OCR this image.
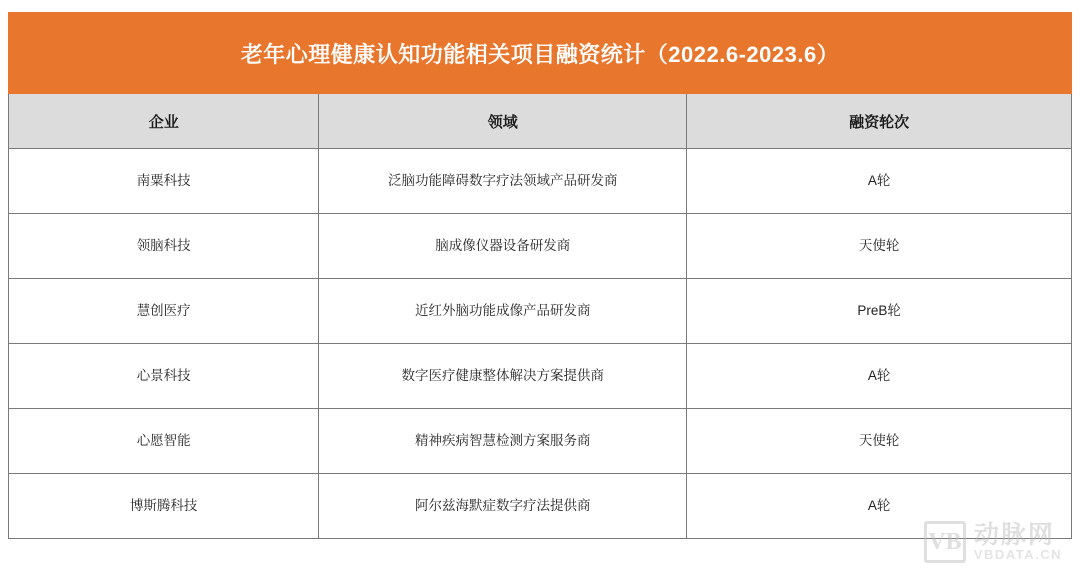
老年心理健康认知功能相关项目融资统计（2022.6-2023.6）		
企业	领域	融资轮次
南粟科技	泛脑功能障碍数字疗法领域产品研发商	A轮
领脑科技	脑成像仪器设备研发商	天使轮
慧创医疗	近红外脑功能成像产品研发商	PreB轮
心景科技	数字医疗健康整体解决方案提供商	A轮
心愿智能	精神疾病智慧检测方案服务商	天使轮
博斯腾科技	阿尔兹海默症数字疗法提供商	A轮
VB 动脉网
VBDATA.CN
